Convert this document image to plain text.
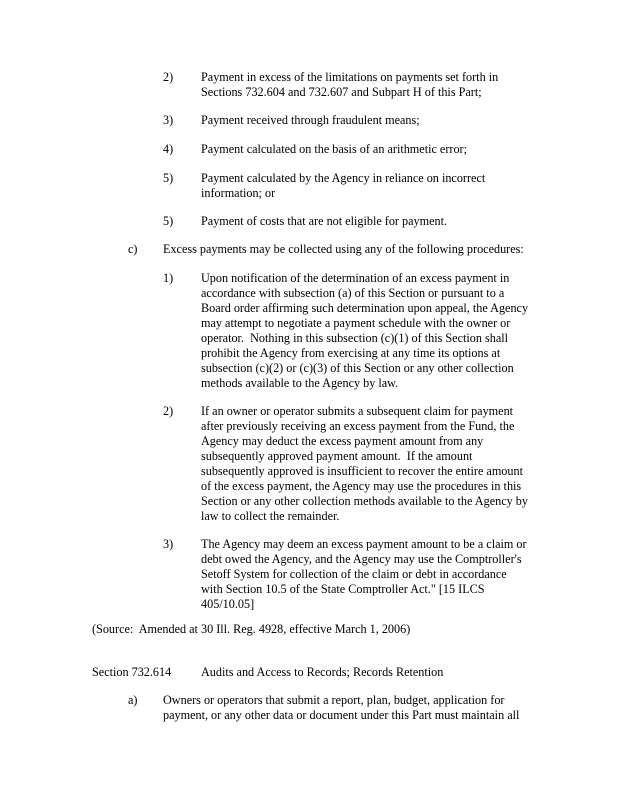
2) Payment in excess of the limitations on payments set forth in
Sections 732.604 and 732.607 and Subpart H of this Part;
3) Payment received through fraudulent means;
4) Payment calculated on the basis of an arithmetic error;
5) Payment calculated by the Agency in reliance on incorrect
information; or
5) Payment of costs that are not eligible for payment.
c) Excess payments may be collected using any of the following procedures:
1) Upon notification of the determination of an excess payment in
accordance with subsection (a) of this Section or pursuant to a
Board order affirming such determination upon appeal, the Agency
may attempt to negotiate a payment schedule with the owner or
operator.  Nothing in this subsection (c)(1) of this Section shall
prohibit the Agency from exercising at any time its options at
subsection (c)(2) or (c)(3) of this Section or any other collection
methods available to the Agency by law.
2) If an owner or operator submits a subsequent claim for payment
after previously receiving an excess payment from the Fund, the
Agency may deduct the excess payment amount from any
subsequently approved payment amount.  If the amount
subsequently approved is insufficient to recover the entire amount
of the excess payment, the Agency may use the procedures in this
Section or any other collection methods available to the Agency by
law to collect the remainder.
3) The Agency may deem an excess payment amount to be a claim or
debt owed the Agency, and the Agency may use the Comptroller's
Setoff System for collection of the claim or debt in accordance
with Section 10.5 of the State Comptroller Act." [15 ILCS
405/10.05]
(Source:  Amended at 30 Ill. Reg. 4928, effective March 1, 2006)
Section 732.614 Audits and Access to Records; Records Retention
a) Owners or operators that submit a report, plan, budget, application for
payment, or any other data or document under this Part must maintain all
